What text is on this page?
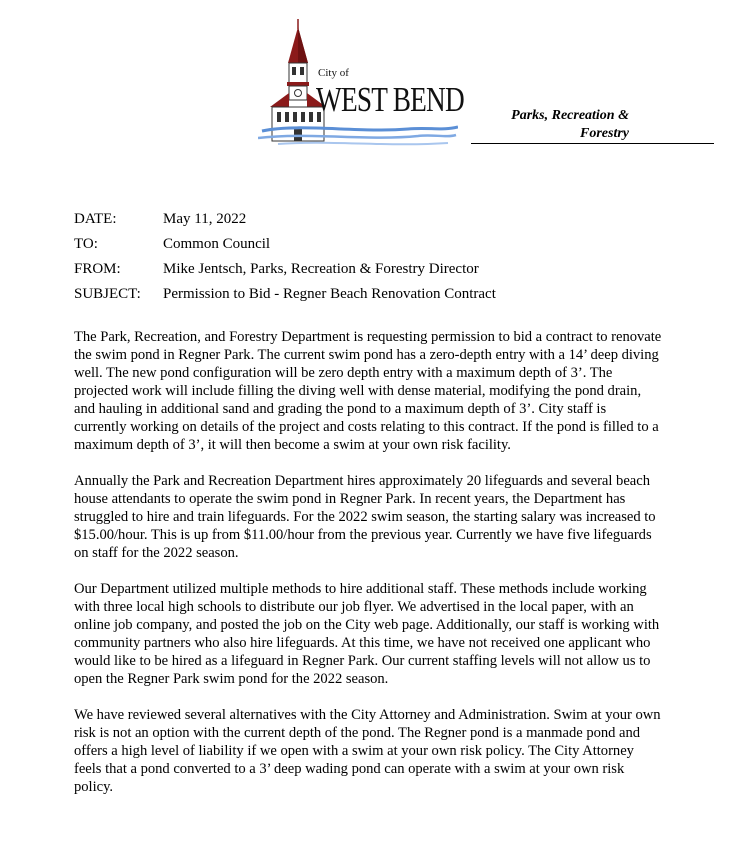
City of
WEST BEND	Parks, Recreation &
Forestry
DATE:	May 11, 2022
TO:	Common Council
FROM:	Mike Jentsch, Parks, Recreation & Forestry Director
SUBJECT:	Permission to Bid - Regner Beach Renovation Contract

The Park, Recreation, and Forestry Department is requesting permission to bid a contract to renovate the swim pond in Regner Park. The current swim pond has a zero-depth entry with a 14’ deep diving well. The new pond configuration will be zero depth entry with a maximum depth of 3’. The projected work will include filling the diving well with dense material, modifying the pond drain, and hauling in additional sand and grading the pond to a maximum depth of 3’. City staff is currently working on details of the project and costs relating to this contract. If the pond is filled to a maximum depth of 3’, it will then become a swim at your own risk facility.

Annually the Park and Recreation Department hires approximately 20 lifeguards and several beach house attendants to operate the swim pond in Regner Park. In recent years, the Department has struggled to hire and train lifeguards. For the 2022 swim season, the starting salary was increased to $15.00/hour. This is up from $11.00/hour from the previous year. Currently we have five lifeguards on staff for the 2022 season.

Our Department utilized multiple methods to hire additional staff. These methods include working with three local high schools to distribute our job flyer. We advertised in the local paper, with an online job company, and posted the job on the City web page. Additionally, our staff is working with community partners who also hire lifeguards. At this time, we have not received one applicant who would like to be hired as a lifeguard in Regner Park. Our current staffing levels will not allow us to open the Regner Park swim pond for the 2022 season.

We have reviewed several alternatives with the City Attorney and Administration. Swim at your own risk is not an option with the current depth of the pond. The Regner pond is a manmade pond and offers a high level of liability if we open with a swim at your own risk policy. The City Attorney feels that a pond converted to a 3’ deep wading pond can operate with a swim at your own risk policy.
